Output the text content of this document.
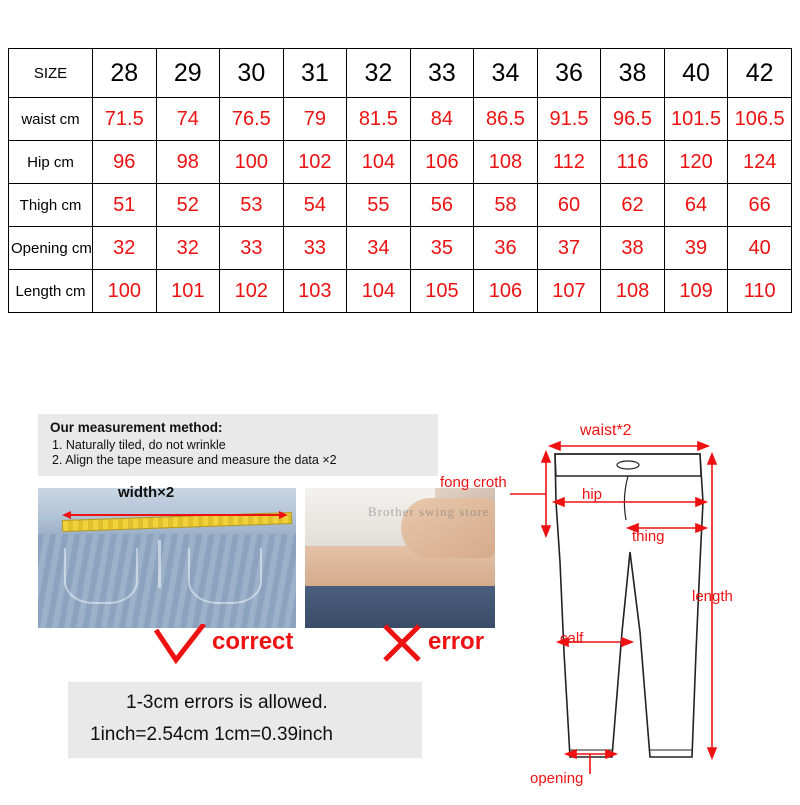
SIZE	28	29	30	31	32	33	34	36	38	40	42
waist cm	71.5	74	76.5	79	81.5	84	86.5	91.5	96.5	101.5	106.5
Hip cm	96	98	100	102	104	106	108	112	116	120	124
Thigh cm	51	52	53	54	55	56	58	60	62	64	66
Opening cm	32	32	33	33	34	35	36	37	38	39	40
Length cm	100	101	102	103	104	105	106	107	108	109	110
Our measurement method:
1. Naturally tiled, do not wrinkle
2. Align the tape measure and measure the data ×2
width×2
Brother swing store
correct	error
1-3cm errors is allowed.
1inch=2.54cm 1cm=0.39inch
waist*2
hip
thing
fong croth
calf
length
opening
